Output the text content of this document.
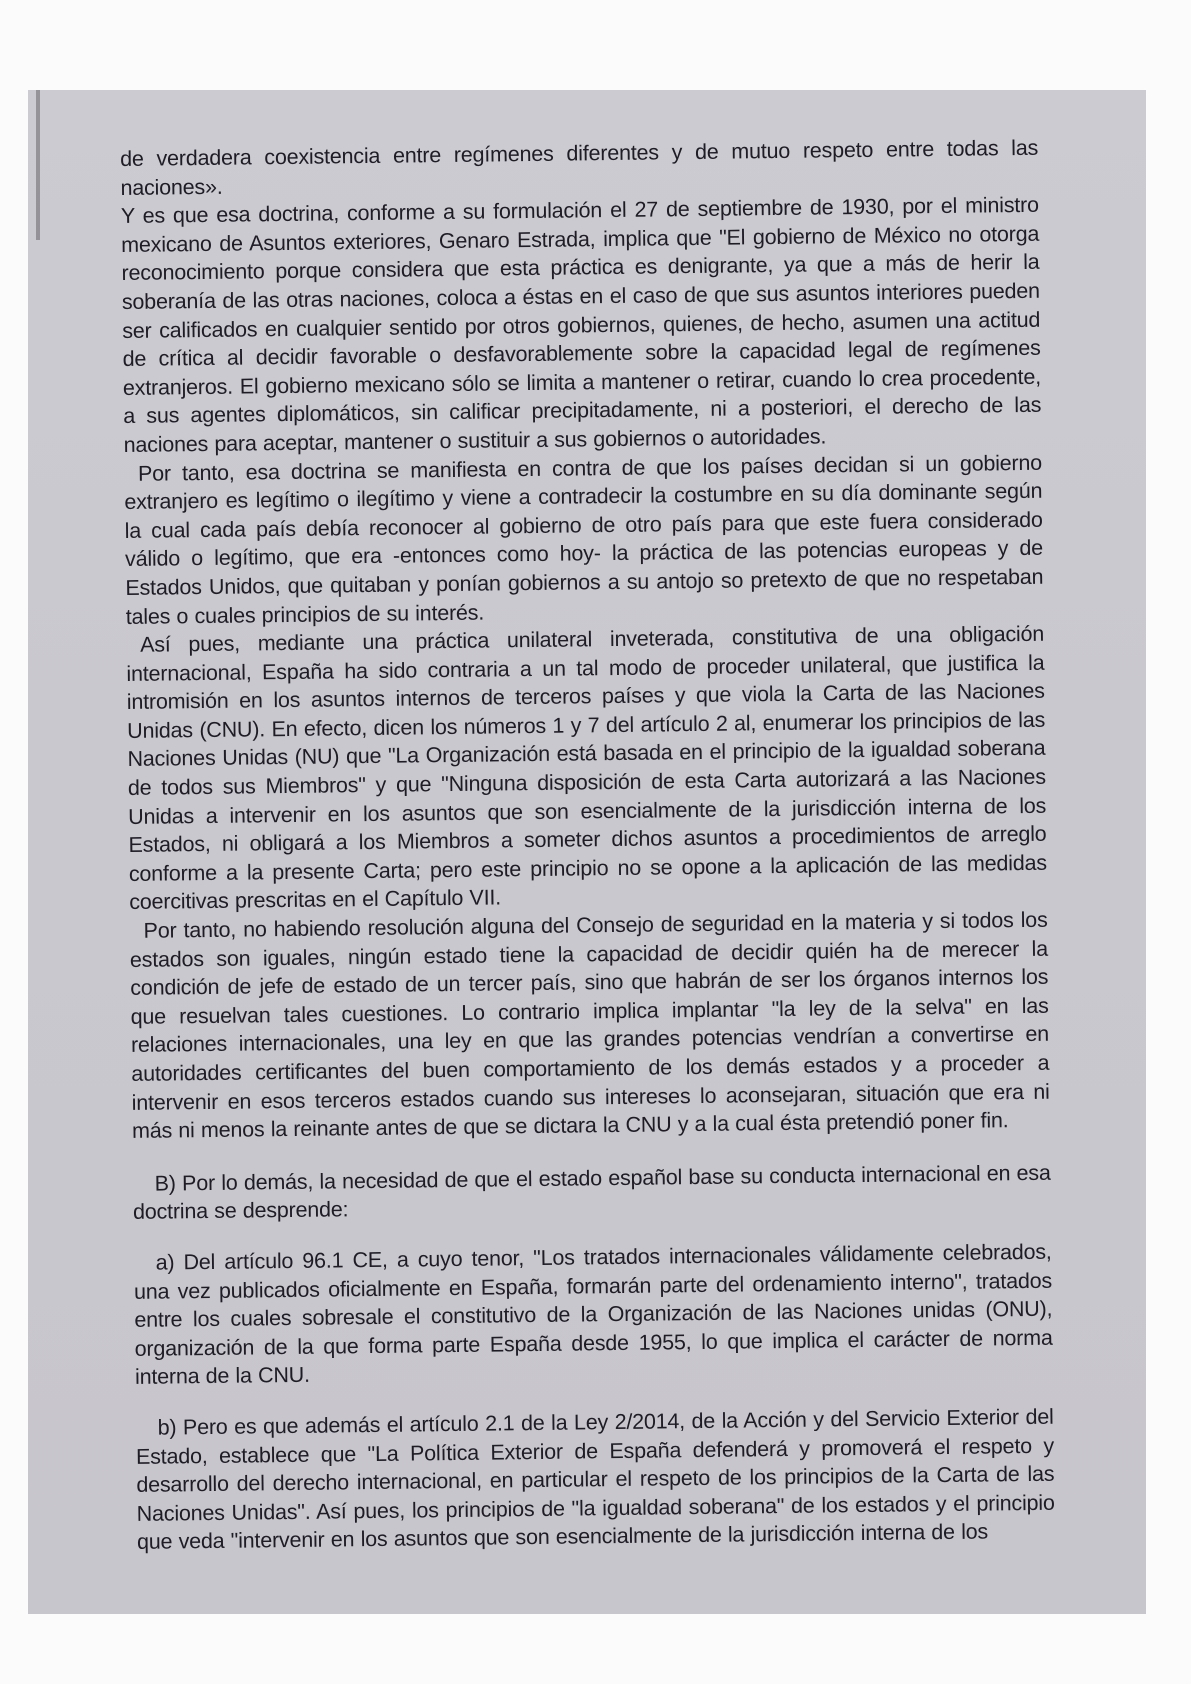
de verdadera coexistencia entre regímenes diferentes y de mutuo respeto entre todas las naciones».

Y es que esa doctrina, conforme a su formulación el 27 de septiembre de 1930, por el ministro mexicano de Asuntos exteriores, Genaro Estrada, implica que "El gobierno de México no otorga reconocimiento porque considera que esta práctica es denigrante, ya que a más de herir la soberanía de las otras naciones, coloca a éstas en el caso de que sus asuntos interiores pueden ser calificados en cualquier sentido por otros gobiernos, quienes, de hecho, asumen una actitud de crítica al decidir favorable o desfavorablemente sobre la capacidad legal de regímenes extranjeros. El gobierno mexicano sólo se limita a mantener o retirar, cuando lo crea procedente, a sus agentes diplomáticos, sin calificar precipitadamente, ni a posteriori, el derecho de las naciones para aceptar, mantener o sustituir a sus gobiernos o autoridades.

Por tanto, esa doctrina se manifiesta en contra de que los países decidan si un gobierno extranjero es legítimo o ilegítimo y viene a contradecir la costumbre en su día dominante según la cual cada país debía reconocer al gobierno de otro país para que este fuera considerado válido o legítimo, que era -entonces como hoy- la práctica de las potencias europeas y de Estados Unidos, que quitaban y ponían gobiernos a su antojo so pretexto de que no respetaban tales o cuales principios de su interés.

Así pues, mediante una práctica unilateral inveterada, constitutiva de una obligación internacional, España ha sido contraria a un tal modo de proceder unilateral, que justifica la intromisión en los asuntos internos de terceros países y que viola la Carta de las Naciones Unidas (CNU). En efecto, dicen los números 1 y 7 del artículo 2 al, enumerar los principios de las Naciones Unidas (NU) que "La Organización está basada en el principio de la igualdad soberana de todos sus Miembros" y que "Ninguna disposición de esta Carta autorizará a las Naciones Unidas a intervenir en los asuntos que son esencialmente de la jurisdicción interna de los Estados, ni obligará a los Miembros a someter dichos asuntos a procedimientos de arreglo conforme a la presente Carta; pero este principio no se opone a la aplicación de las medidas coercitivas prescritas en el Capítulo VII.

Por tanto, no habiendo resolución alguna del Consejo de seguridad en la materia y si todos los estados son iguales, ningún estado tiene la capacidad de decidir quién ha de merecer la condición de jefe de estado de un tercer país, sino que habrán de ser los órganos internos los que resuelvan tales cuestiones. Lo contrario implica implantar "la ley de la selva" en las relaciones internacionales, una ley en que las grandes potencias vendrían a convertirse en autoridades certificantes del buen comportamiento de los demás estados y a proceder a intervenir en esos terceros estados cuando sus intereses lo aconsejaran, situación que era ni más ni menos la reinante antes de que se dictara la CNU y a la cual ésta pretendió poner fin.

B) Por lo demás, la necesidad de que el estado español base su conducta internacional en esa doctrina se desprende:

a) Del artículo 96.1 CE, a cuyo tenor, "Los tratados internacionales válidamente celebrados, una vez publicados oficialmente en España, formarán parte del ordenamiento interno", tratados entre los cuales sobresale el constitutivo de la Organización de las Naciones unidas (ONU), organización de la que forma parte España desde 1955, lo que implica el carácter de norma interna de la CNU.

b) Pero es que además el artículo 2.1 de la Ley 2/2014, de la Acción y del Servicio Exterior del Estado, establece que "La Política Exterior de España defenderá y promoverá el respeto y desarrollo del derecho internacional, en particular el respeto de los principios de la Carta de las Naciones Unidas". Así pues, los principios de "la igualdad soberana" de los estados y el principio que veda "intervenir en los asuntos que son esencialmente de la jurisdicción interna de los
